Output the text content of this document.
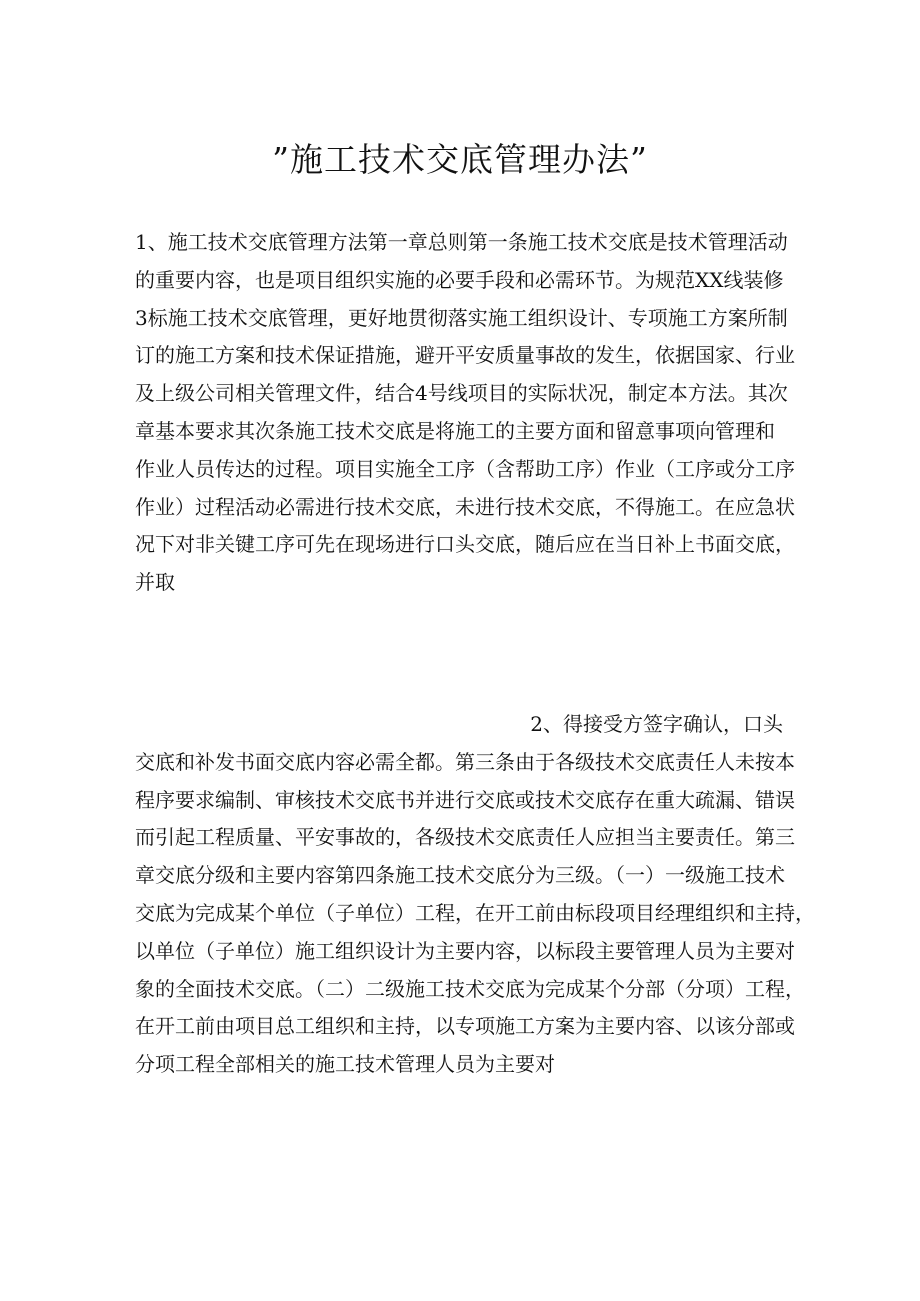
”施工技术交底管理办法”
1、施工技术交底管理方法第一章总则第一条施工技术交底是技术管理活动
的重要内容，也是项目组织实施的必要手段和必需环节。为规范XX线装修
3标施工技术交底管理，更好地贯彻落实施工组织设计、专项施工方案所制
订的施工方案和技术保证措施，避开平安质量事故的发生，依据国家、行业
及上级公司相关管理文件，结合4号线项目的实际状况，制定本方法。其次
章基本要求其次条施工技术交底是将施工的主要方面和留意事项向管理和
作业人员传达的过程。项目实施全工序（含帮助工序）作业（工序或分工序
作业）过程活动必需进行技术交底，未进行技术交底，不得施工。在应急状
况下对非关键工序可先在现场进行口头交底，随后应在当日补上书面交底，
并取
2、得接受方签字确认，口头
交底和补发书面交底内容必需全都。第三条由于各级技术交底责任人未按本
程序要求编制、审核技术交底书并进行交底或技术交底存在重大疏漏、错误
而引起工程质量、平安事故的，各级技术交底责任人应担当主要责任。第三
章交底分级和主要内容第四条施工技术交底分为三级。（一）一级施工技术
交底为完成某个单位（子单位）工程，在开工前由标段项目经理组织和主持，
以单位（子单位）施工组织设计为主要内容，以标段主要管理人员为主要对
象的全面技术交底。（二）二级施工技术交底为完成某个分部（分项）工程，
在开工前由项目总工组织和主持，以专项施工方案为主要内容、以该分部或
分项工程全部相关的施工技术管理人员为主要对
